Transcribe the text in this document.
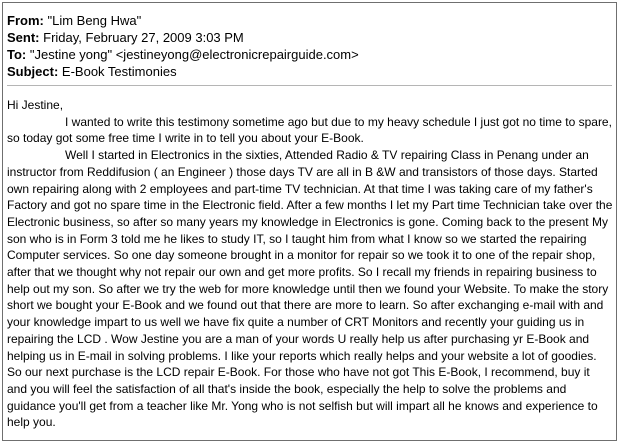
From: "Lim Beng Hwa"
Sent: Friday, February 27, 2009 3:03 PM
To: "Jestine yong" <jestineyong@electronicrepairguide.com>
Subject: E-Book Testimonies

Hi Jestine,

I wanted to write this testimony sometime ago but due to my heavy schedule I just got no time to spare, so today got some free time I write in to tell you about your E-Book.

Well I started in Electronics in the sixties, Attended Radio & TV repairing Class in Penang under an instructor from Reddifusion ( an Engineer ) those days TV are all in B &W and transistors of those days. Started own repairing along with 2 employees and part-time TV technician. At that time I was taking care of my father's Factory and got no spare time in the Electronic field. After a few months I let my Part time Technician take over the Electronic business, so after so many years my knowledge in Electronics is gone. Coming back to the present My son who is in Form 3 told me he likes to study IT, so I taught him from what I know so we started the repairing Computer services. So one day someone brought in a monitor for repair so we took it to one of the repair shop, after that we thought why not repair our own and get more profits. So I recall my friends in repairing business to help out my son. So after we try the web for more knowledge until then we found your Website. To make the story short we bought your E-Book and we found out that there are more to learn. So after exchanging e-mail with and your knowledge impart to us well we have fix quite a number of CRT Monitors and recently your guiding us in repairing the LCD . Wow Jestine you are a man of your words U really help us after purchasing yr E-Book and helping us in E-mail in solving problems. I like your reports which really helps and your website a lot of goodies. So our next purchase is the LCD repair E-Book. For those who have not got This E-Book, I recommend, buy it and you will feel the satisfaction of all that's inside the book, especially the help to solve the problems and guidance you'll get from a teacher like Mr. Yong who is not selfish but will impart all he knows and experience to help you.
